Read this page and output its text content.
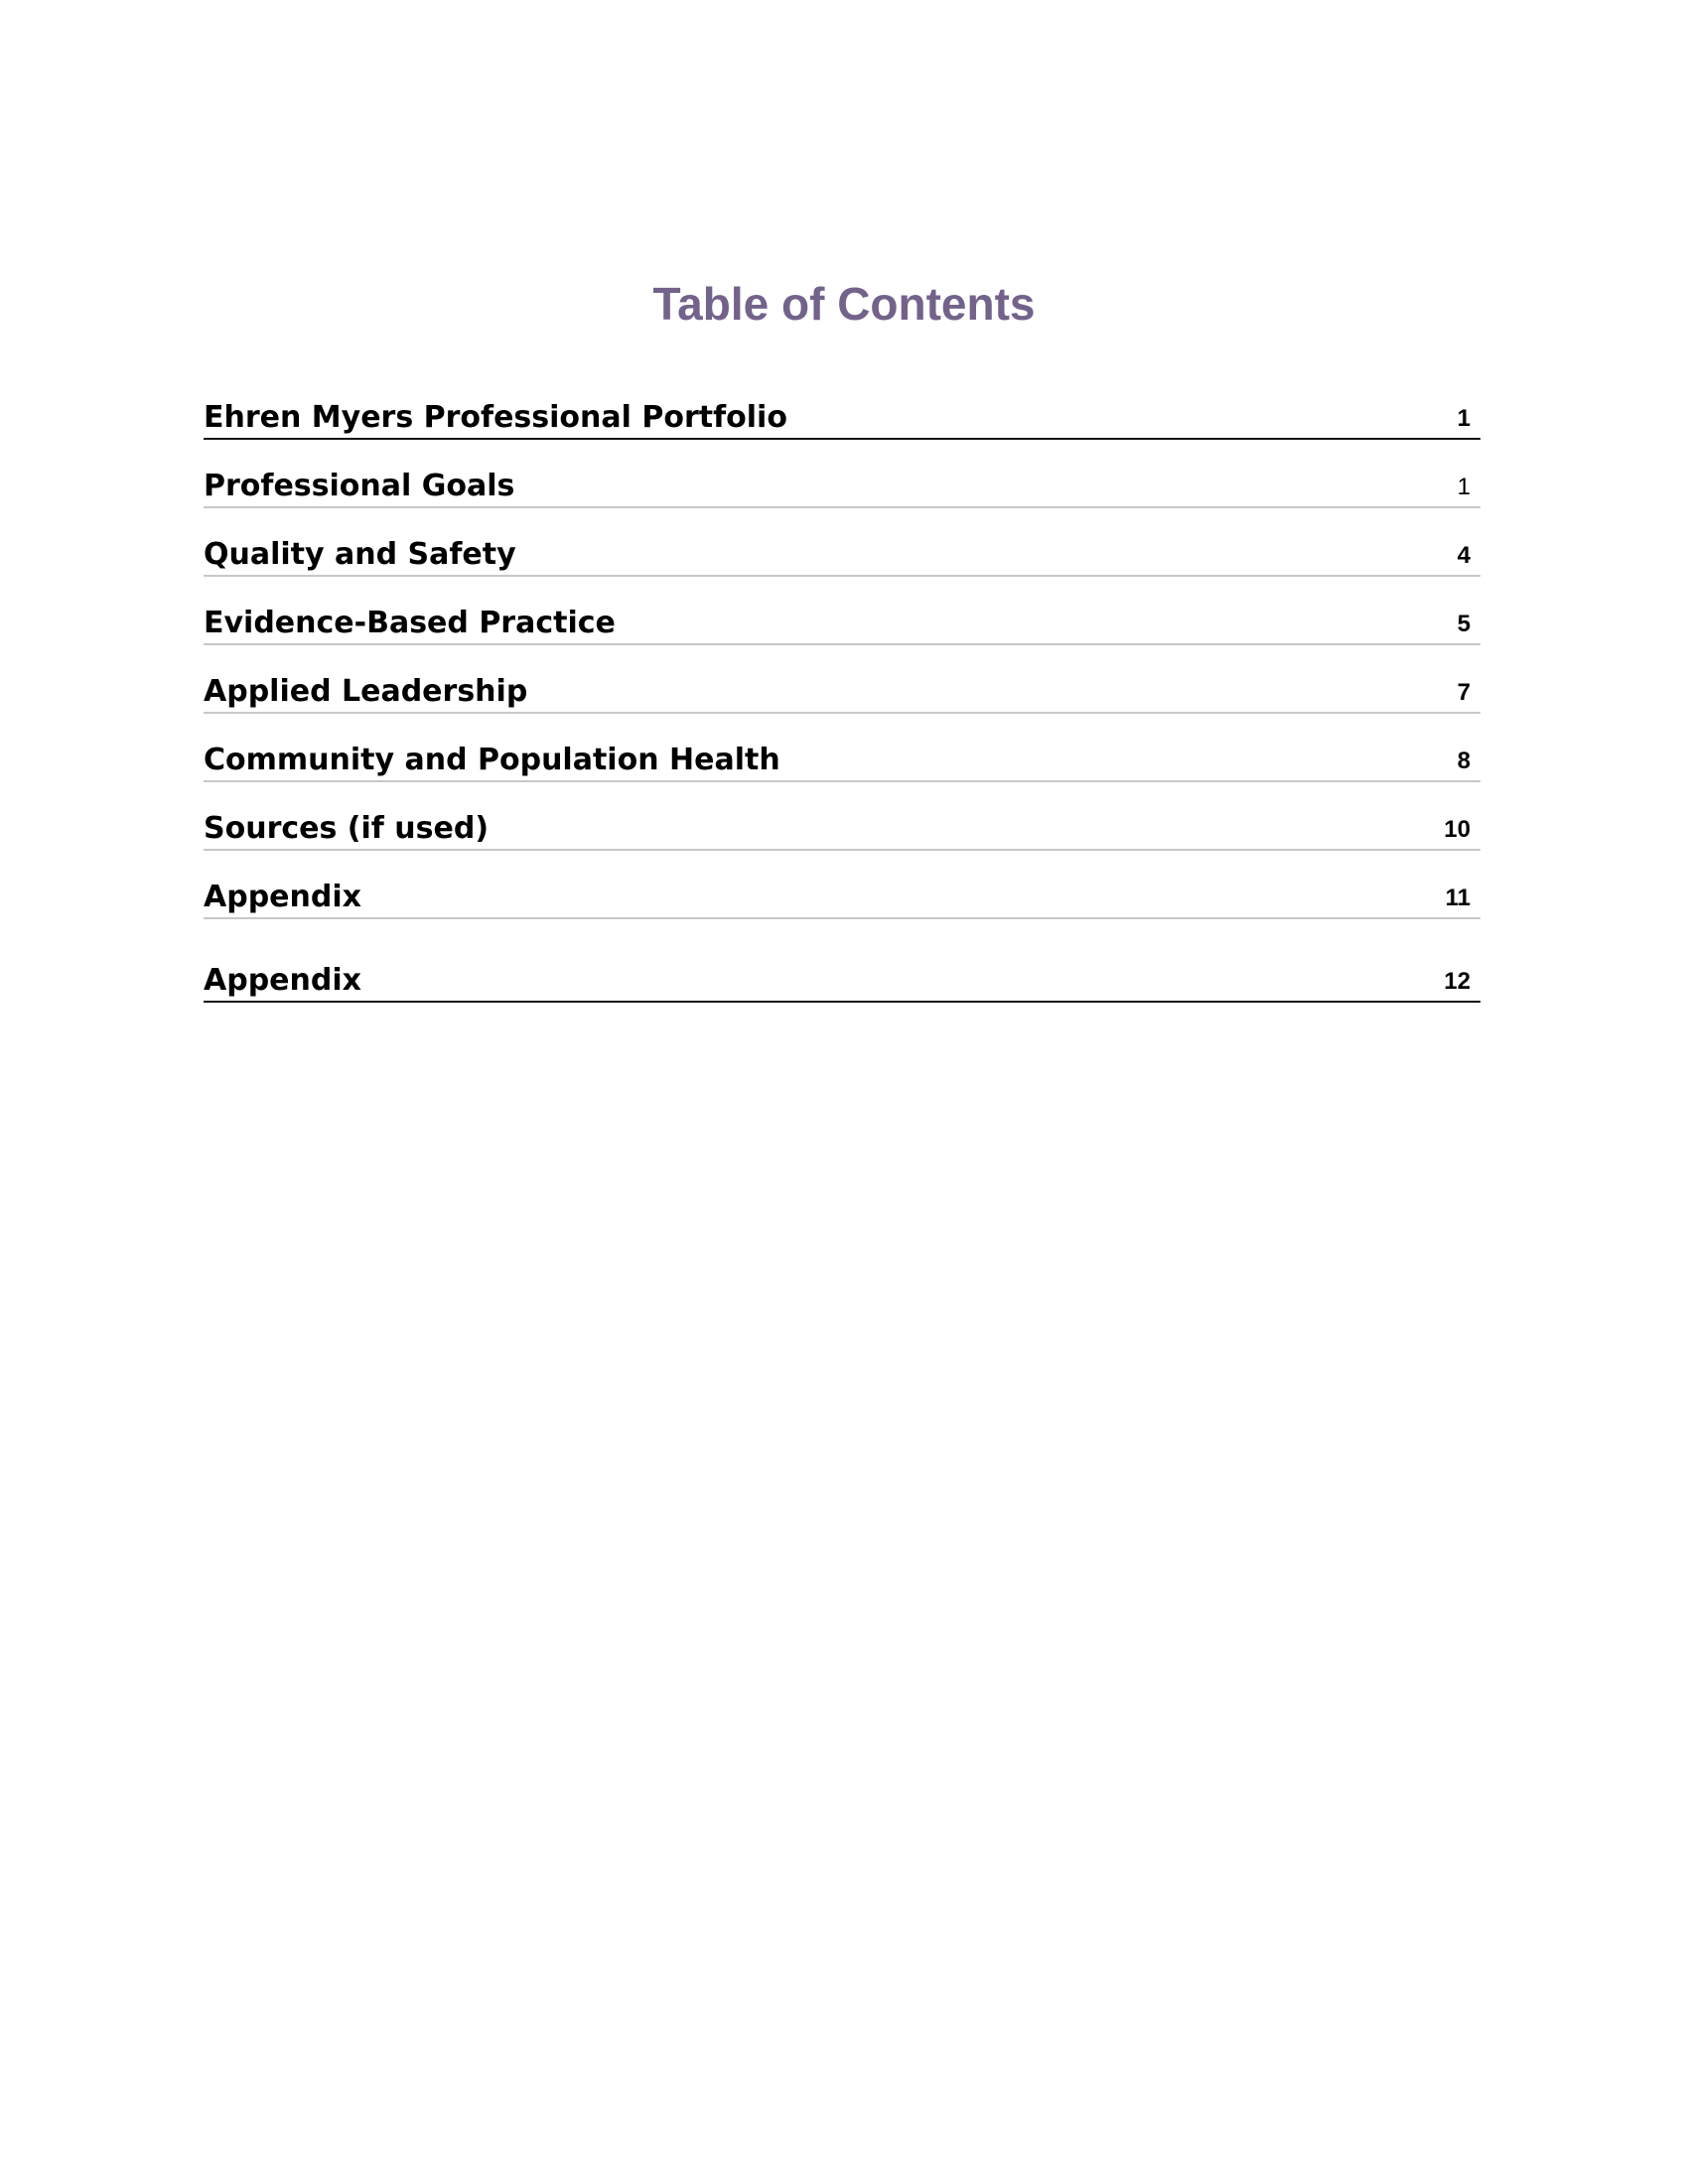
Table of Contents
Ehren Myers Professional Portfolio	1
Professional Goals	1
Quality and Safety	4
Evidence-Based Practice	5
Applied Leadership	7
Community and Population Health	8
Sources (if used)	10
Appendix	11
Appendix	12
